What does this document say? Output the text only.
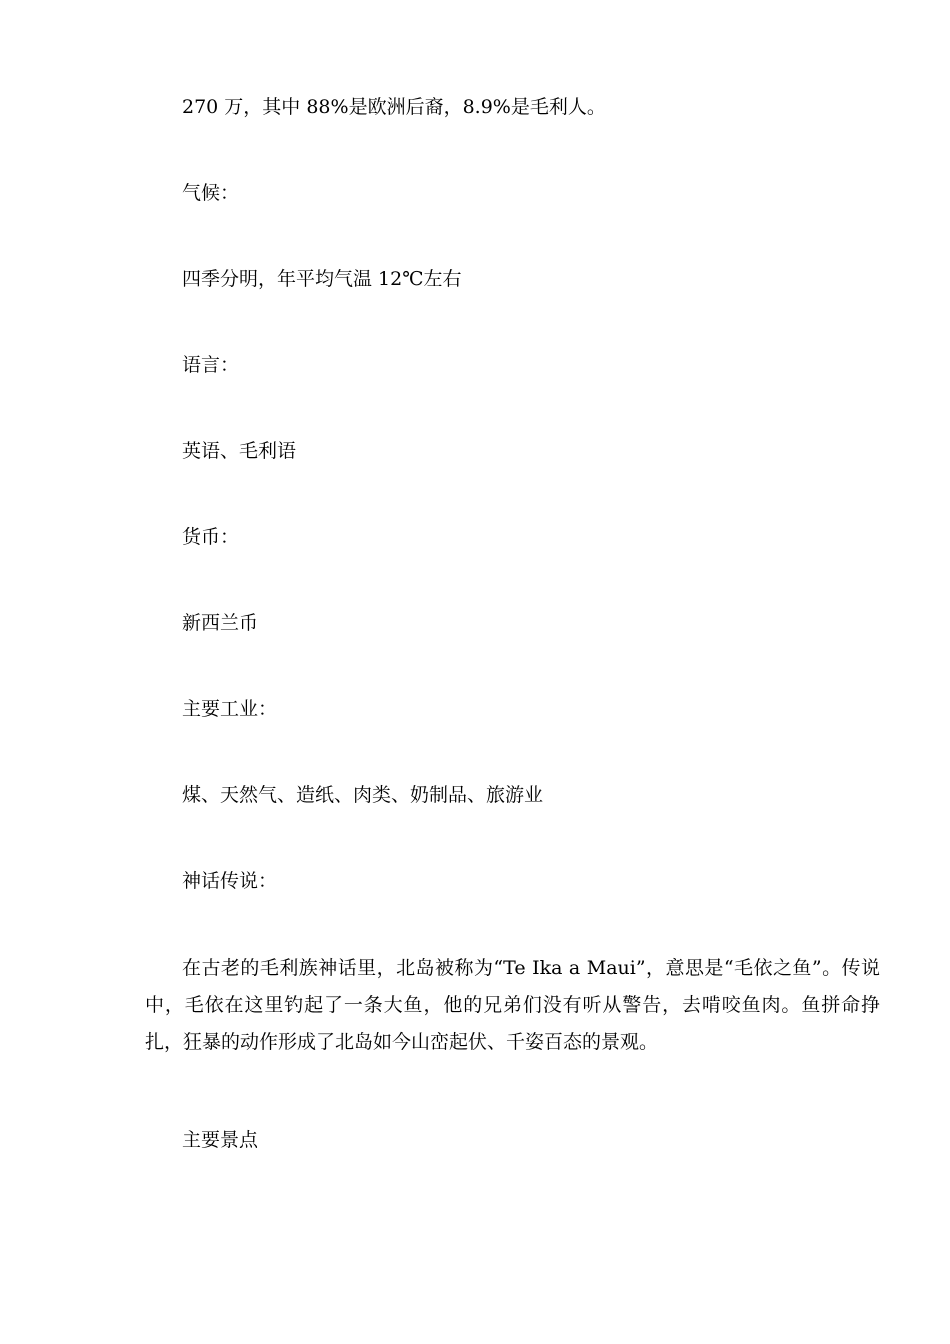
270 万，其中 88%是欧洲后裔，8.9%是毛利人。

气候：

四季分明，年平均气温 12℃左右

语言：

英语、毛利语

货币：

新西兰币

主要工业：

煤、天然气、造纸、肉类、奶制品、旅游业

神话传说：

在古老的毛利族神话里，北岛被称为“Te Ika a Maui”，意思是“毛依之鱼”。传说中，毛依在这里钓起了一条大鱼，他的兄弟们没有听从警告，去啃咬鱼肉。鱼拼命挣扎，狂暴的动作形成了北岛如今山峦起伏、千姿百态的景观。

主要景点
